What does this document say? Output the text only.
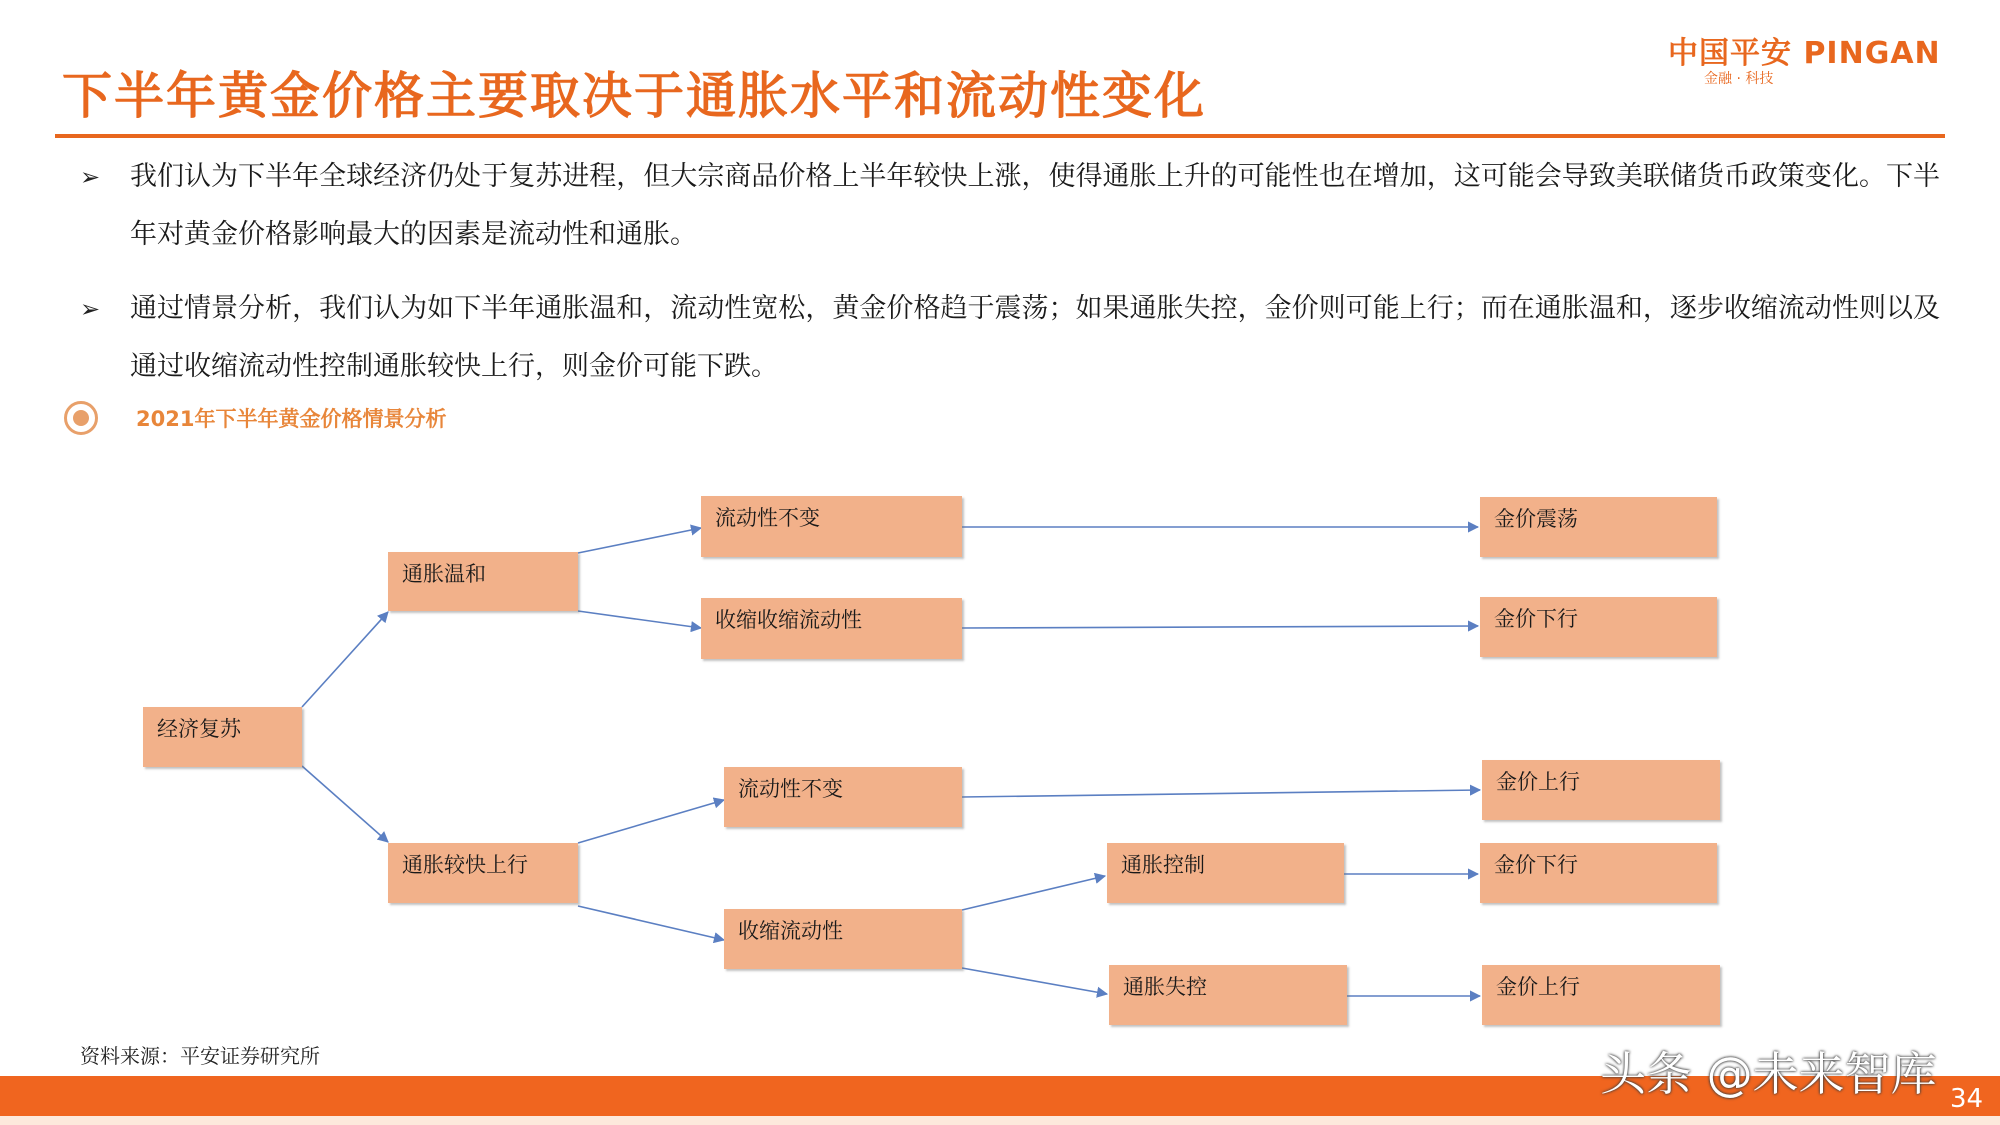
下半年黄金价格主要取决于通胀水平和流动性变化
中国平安 PINGAN
金融 · 科技
➢	我们认为下半年全球经济仍处于复苏进程，但大宗商品价格上半年较快上涨，使得通胀上升的可能性也在增加，这可能会导致美联储货币政策变化。下半年对黄金价格影响最大的因素是流动性和通胀。
➢	通过情景分析，我们认为如下半年通胀温和，流动性宽松，黄金价格趋于震荡；如果通胀失控，金价则可能上行；而在通胀温和，逐步收缩流动性则以及通过收缩流动性控制通胀较快上行，则金价可能下跌。
2021年下半年黄金价格情景分析
经济复苏
通胀温和
通胀较快上行
流动性不变
收缩收缩流动性
流动性不变
收缩流动性
通胀控制
通胀失控
金价震荡
金价下行
金价上行
金价下行
金价上行
资料来源：平安证券研究所	头条 @未来智库 34
